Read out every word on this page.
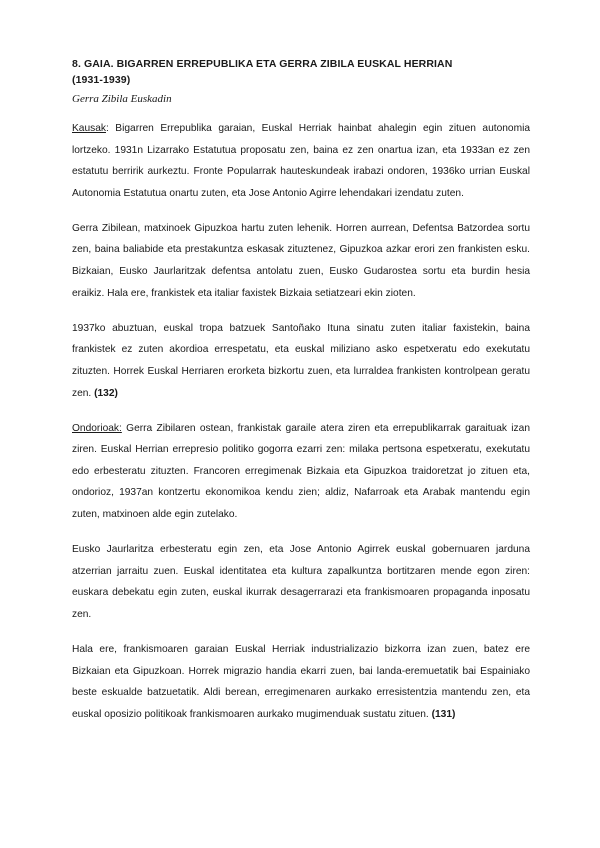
8. GAIA. BIGARREN ERREPUBLIKA ETA GERRA ZIBILA EUSKAL HERRIAN
(1931-1939)

Gerra Zibila Euskadin

Kausak: Bigarren Errepublika garaian, Euskal Herriak hainbat ahalegin egin zituen autonomia lortzeko. 1931n Lizarrako Estatutua proposatu zen, baina ez zen onartua izan, eta 1933an ez zen estatutu berririk aurkeztu. Fronte Popularrak hauteskundeak irabazi ondoren, 1936ko urrian Euskal Autonomia Estatutua onartu zuten, eta Jose Antonio Agirre lehendakari izendatu zuten.

Gerra Zibilean, matxinoek Gipuzkoa hartu zuten lehenik. Horren aurrean, Defentsa Batzordea sortu zen, baina baliabide eta prestakuntza eskasak zituztenez, Gipuzkoa azkar erori zen frankisten esku. Bizkaian, Eusko Jaurlaritzak defentsa antolatu zuen, Eusko Gudarostea sortu eta burdin hesia eraikiz. Hala ere, frankistek eta italiar faxistek Bizkaia setiatzeari ekin zioten.

1937ko abuztuan, euskal tropa batzuek Santoñako Ituna sinatu zuten italiar faxistekin, baina frankistek ez zuten akordioa errespetatu, eta euskal miliziano asko espetxeratu edo exekutatu zituzten. Horrek Euskal Herriaren erorketa bizkortu zuen, eta lurraldea frankisten kontrolpean geratu zen. (132)

Ondorioak: Gerra Zibilaren ostean, frankistak garaile atera ziren eta errepublikarrak garaituak izan ziren. Euskal Herrian errepresio politiko gogorra ezarri zen: milaka pertsona espetxeratu, exekutatu edo erbesteratu zituzten. Francoren erregimenak Bizkaia eta Gipuzkoa traidoretzat jo zituen eta, ondorioz, 1937an kontzertu ekonomikoa kendu zien; aldiz, Nafarroak eta Arabak mantendu egin zuten, matxinoen alde egin zutelako.

Eusko Jaurlaritza erbesteratu egin zen, eta Jose Antonio Agirrek euskal gobernuaren jarduna atzerrian jarraitu zuen. Euskal identitatea eta kultura zapalkuntza bortitzaren mende egon ziren: euskara debekatu egin zuten, euskal ikurrak desagerrarazi eta frankismoaren propaganda inposatu zen.

Hala ere, frankismoaren garaian Euskal Herriak industrializazio bizkorra izan zuen, batez ere Bizkaian eta Gipuzkoan. Horrek migrazio handia ekarri zuen, bai landa-eremuetatik bai Espainiako beste eskualde batzuetatik. Aldi berean, erregimenaren aurkako erresistentzia mantendu zen, eta euskal oposizio politikoak frankismoaren aurkako mugimenduak sustatu zituen. (131)
